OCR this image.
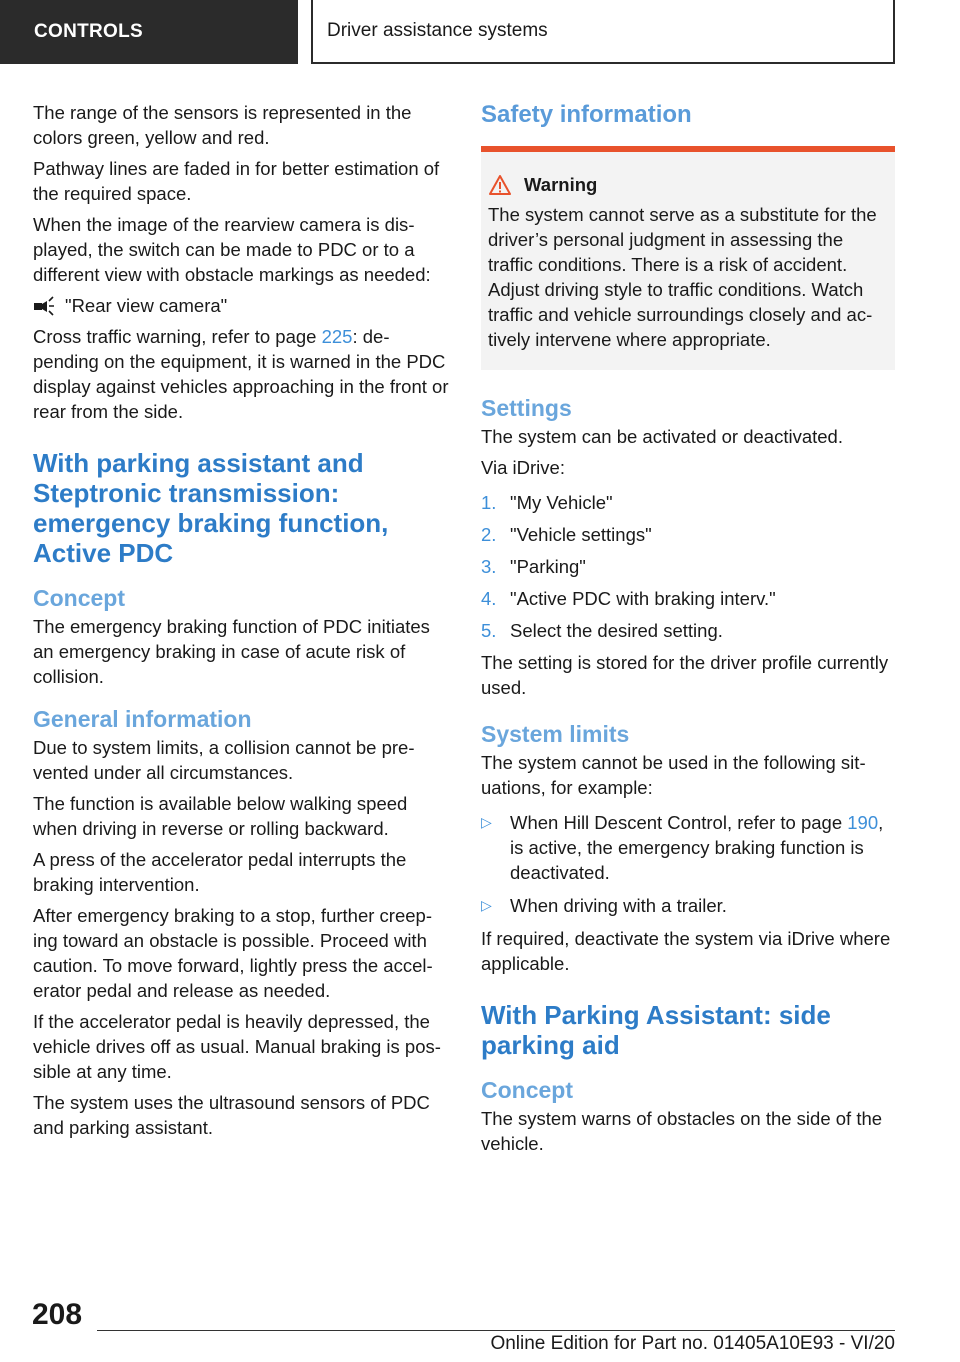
CONTROLS	Driver assistance systems

The range of the sensors is represented in the colors green, yellow and red.

Pathway lines are faded in for better estimation of the required space.

When the image of the rearview camera is displayed, the switch can be made to PDC or to a different view with obstacle markings as needed:

"Rear view camera"

Cross traffic warning, refer to page 225: depending on the equipment, it is warned in the PDC display against vehicles approaching in the front or rear from the side.

With parking assistant and Steptronic transmission: emergency braking function, Active PDC
Concept

The emergency braking function of PDC initiates an emergency braking in case of acute risk of collision.

General information

Due to system limits, a collision cannot be prevented under all circumstances.

The function is available below walking speed when driving in reverse or rolling backward.

A press of the accelerator pedal interrupts the braking intervention.

After emergency braking to a stop, further creeping toward an obstacle is possible. Proceed with caution. To move forward, lightly press the accelerator pedal and release as needed.

If the accelerator pedal is heavily depressed, the vehicle drives off as usual. Manual braking is possible at any time.

The system uses the ultrasound sensors of PDC and parking assistant.

Safety information
Warning

The system cannot serve as a substitute for the driver’s personal judgment in assessing the traffic conditions. There is a risk of accident. Adjust driving style to traffic conditions. Watch traffic and vehicle surroundings closely and actively intervene where appropriate.

Settings

The system can be activated or deactivated.

Via iDrive:

1. "My Vehicle"
2. "Vehicle settings"
3. "Parking"
4. "Active PDC with braking interv."
5. Select the desired setting.

The setting is stored for the driver profile currently used.

System limits

The system cannot be used in the following situations, for example:

▷ When Hill Descent Control, refer to page 190, is active, the emergency braking function is deactivated.
▷ When driving with a trailer.

If required, deactivate the system via iDrive where applicable.

With Parking Assistant: side parking aid
Concept

The system warns of obstacles on the side of the vehicle.

208
Online Edition for Part no. 01405A10E93 - VI/20
